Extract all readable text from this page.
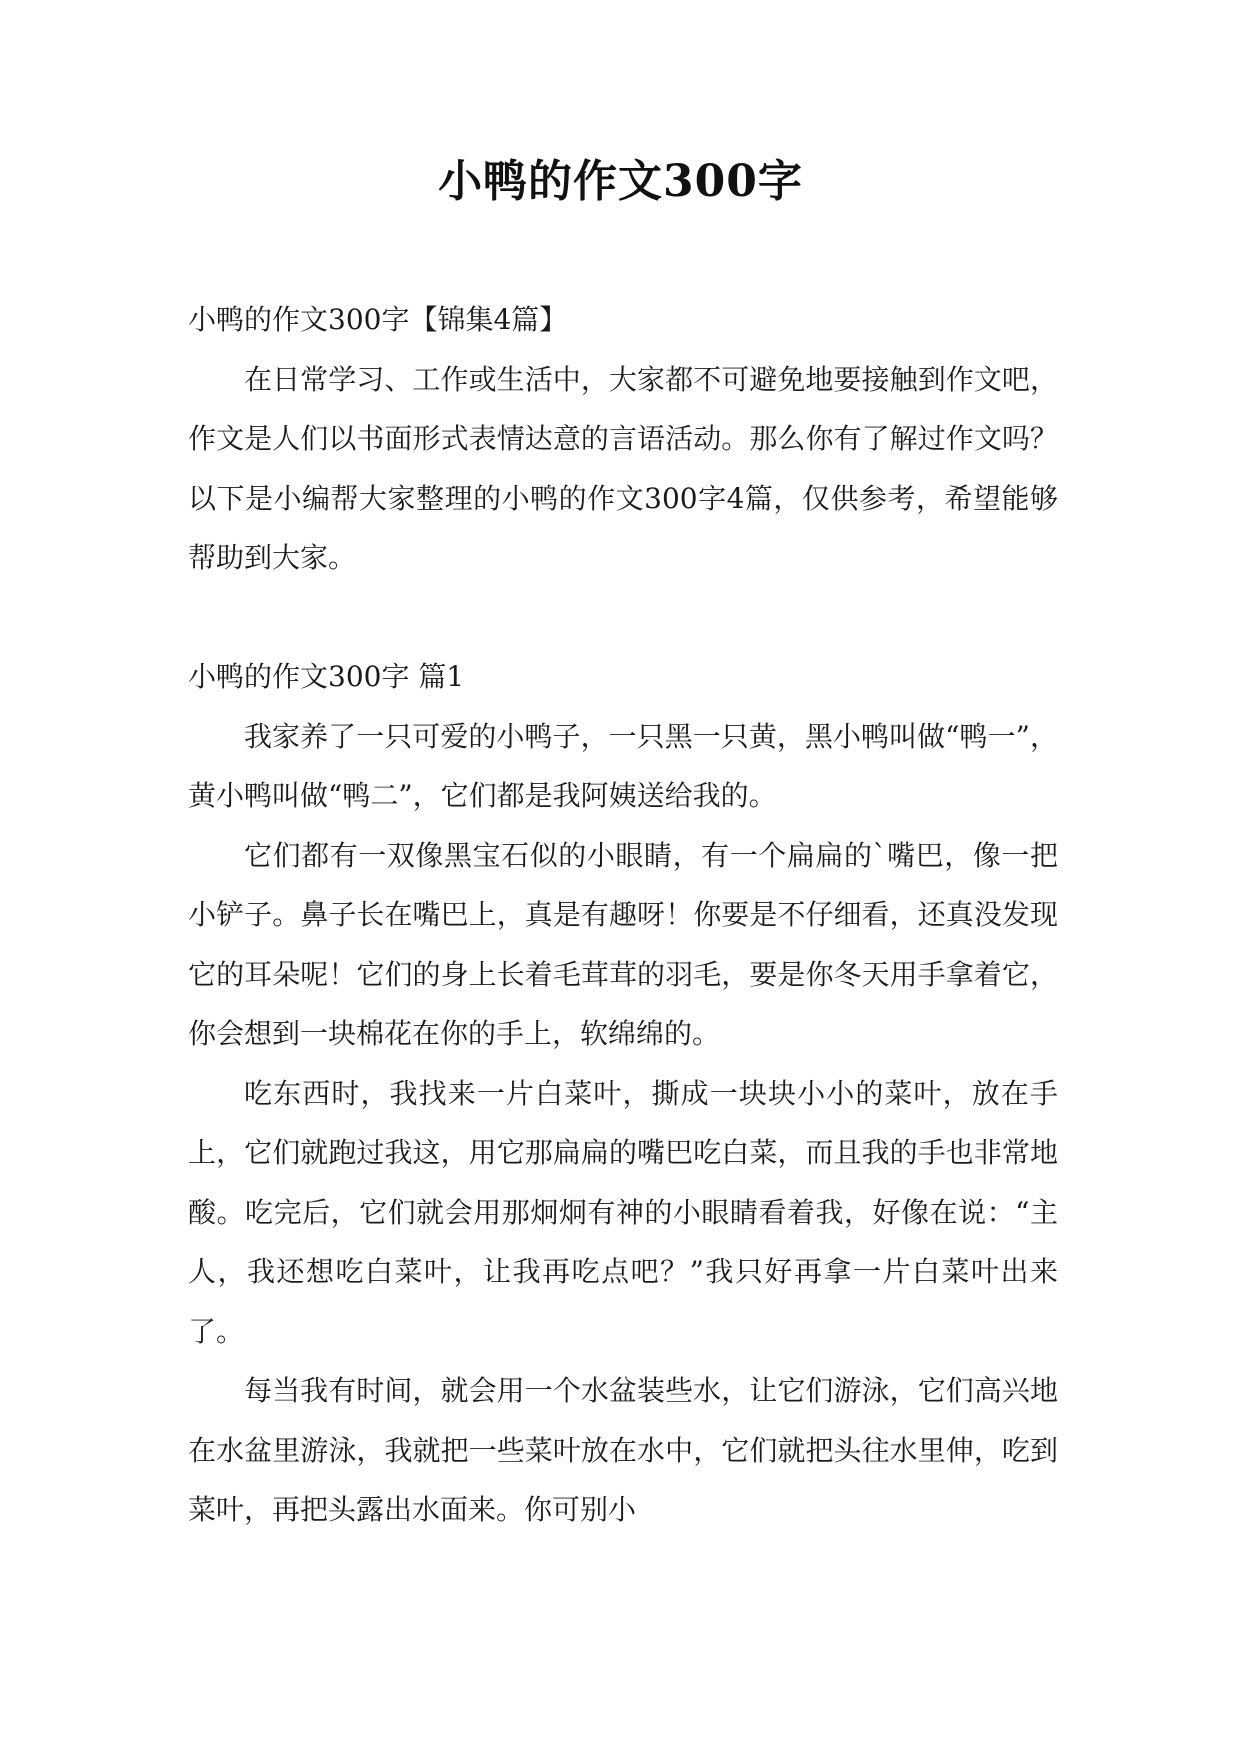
小鸭的作文300字

小鸭的作文300字【锦集4篇】

在日常学习、工作或生活中，大家都不可避免地要接触到作文吧，作文是人们以书面形式表情达意的言语活动。那么你有了解过作文吗？以下是小编帮大家整理的小鸭的作文300字4篇，仅供参考，希望能够帮助到大家。

小鸭的作文300字 篇1

我家养了一只可爱的小鸭子，一只黑一只黄，黑小鸭叫做“鸭一”，黄小鸭叫做“鸭二”，它们都是我阿姨送给我的。

它们都有一双像黑宝石似的小眼睛，有一个扁扁的`嘴巴，像一把小铲子。鼻子长在嘴巴上，真是有趣呀！你要是不仔细看，还真没发现它的耳朵呢！它们的身上长着毛茸茸的羽毛，要是你冬天用手拿着它，你会想到一块棉花在你的手上，软绵绵的。

吃东西时，我找来一片白菜叶，撕成一块块小小的菜叶，放在手上，它们就跑过我这，用它那扁扁的嘴巴吃白菜，而且我的手也非常地酸。吃完后，它们就会用那炯炯有神的小眼睛看着我，好像在说：“主人，我还想吃白菜叶，让我再吃点吧？”我只好再拿一片白菜叶出来了。

每当我有时间，就会用一个水盆装些水，让它们游泳，它们高兴地在水盆里游泳，我就把一些菜叶放在水中，它们就把头往水里伸，吃到菜叶，再把头露出水面来。你可别小
